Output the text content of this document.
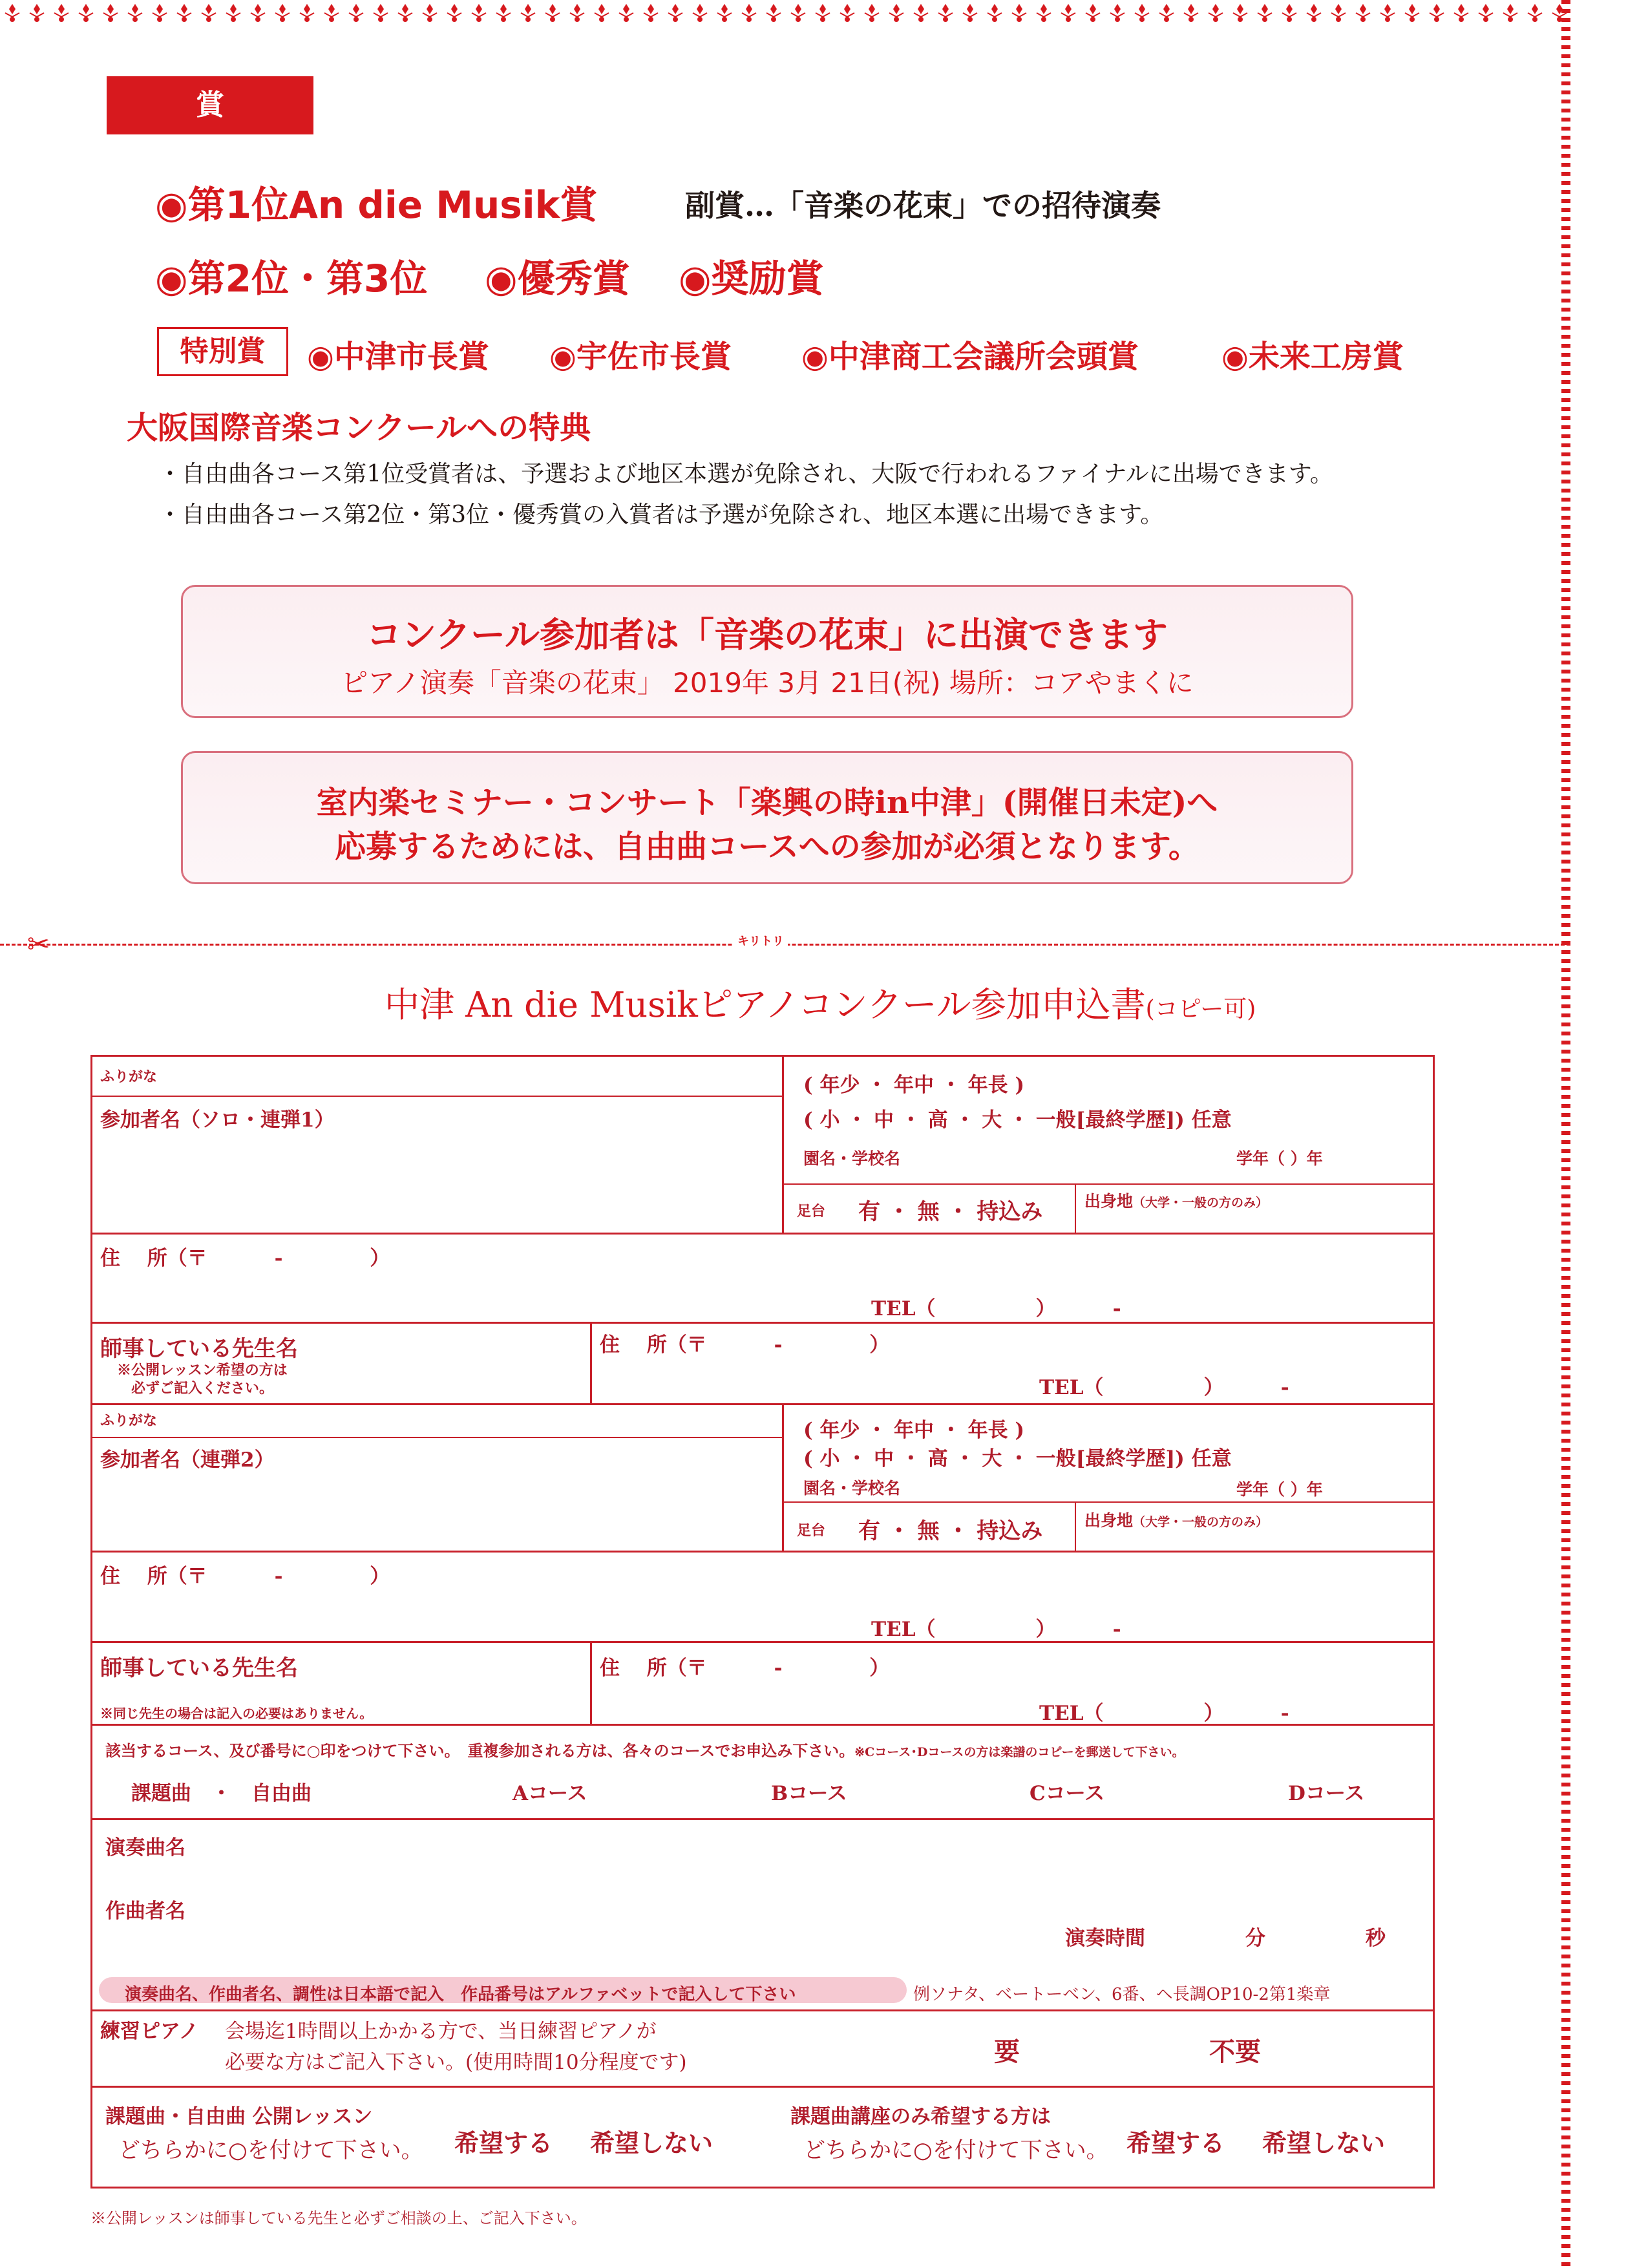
賞
◉第1位An die Musik賞	副賞…「音楽の花束」での招待演奏
◉第2位・第3位 ◉優秀賞 ◉奨励賞
特別賞	◉中津市長賞 ◉宇佐市長賞 ◉中津商工会議所会頭賞	◉未来工房賞
大阪国際音楽コンクールへの特典
・自由曲各コース第1位受賞者は、予選および地区本選が免除され、大阪で行われるファイナルに出場できます。
・自由曲各コース第2位・第3位・優秀賞の入賞者は予選が免除され、地区本選に出場できます。
コンクール参加者は「音楽の花束」に出演できます
ピアノ演奏「音楽の花束」 2019年 3月 21日(祝) 場所：コアやまくに
室内楽セミナー・コンサート「楽興の時in中津」(開催日未定)へ
応募するためには、自由曲コースへの参加が必須となります。
✂	キリトリ
中津 An die Musikピアノコンクール参加申込書(コピー可)
ふりがな
参加者名（ソロ・連弾1）
( 年少 ・ 年中 ・ 年長 )
( 小 ・ 中 ・ 高 ・ 大 ・ 一般[最終学歴]) 任意
園名・学校名	学年（ ）年
足台 有 ・ 無 ・ 持込み	出身地（大学・一般の方のみ）
住　 所（〒　　　 -　　　　 ）
TEL（　　　　　）　　　 -
師事している先生名
※公開レッスン希望の方は
必ずご記入ください。
住　 所（〒　　　 -　　　　 ）
TEL（　　　　　）　　　 -
ふりがな
参加者名（連弾2）
( 年少 ・ 年中 ・ 年長 )
( 小 ・ 中 ・ 高 ・ 大 ・ 一般[最終学歴]) 任意
園名・学校名	学年（ ）年
足台 有 ・ 無 ・ 持込み	出身地（大学・一般の方のみ）
住　 所（〒　　　 -　　　　 ）
TEL（　　　　　）　　　 -
師事している先生名
※同じ先生の場合は記入の必要はありません。
住　 所（〒　　　 -　　　　 ）
TEL（　　　　　）　　　 -
該当するコース、及び番号に○印をつけて下さい。　重複参加される方は、各々のコースでお申込み下さい。※Cコース･Dコースの方は楽譜のコピーを郵送して下さい。
課題曲　・　自由曲	Aコース	Bコース	Cコース	Dコース
演奏曲名
作曲者名
演奏時間　　　　　分　　　　　秒
演奏曲名、作曲者名、調性は日本語で記入　作品番号はアルファベットで記入して下さい	例ソナタ、ベートーベン、6番、ヘ長調OP10-2第1楽章
練習ピアノ 会場迄1時間以上かかる方で、当日練習ピアノが
必要な方はご記入下さい。(使用時間10分程度です)	要	不要
課題曲・自由曲 公開レッスン
どちらかに○を付けて下さい。 希望する 希望しない
課題曲講座のみ希望する方は
どちらかに○を付けて下さい。 希望する 希望しない
※公開レッスンは師事している先生と必ずご相談の上、ご記入下さい。
